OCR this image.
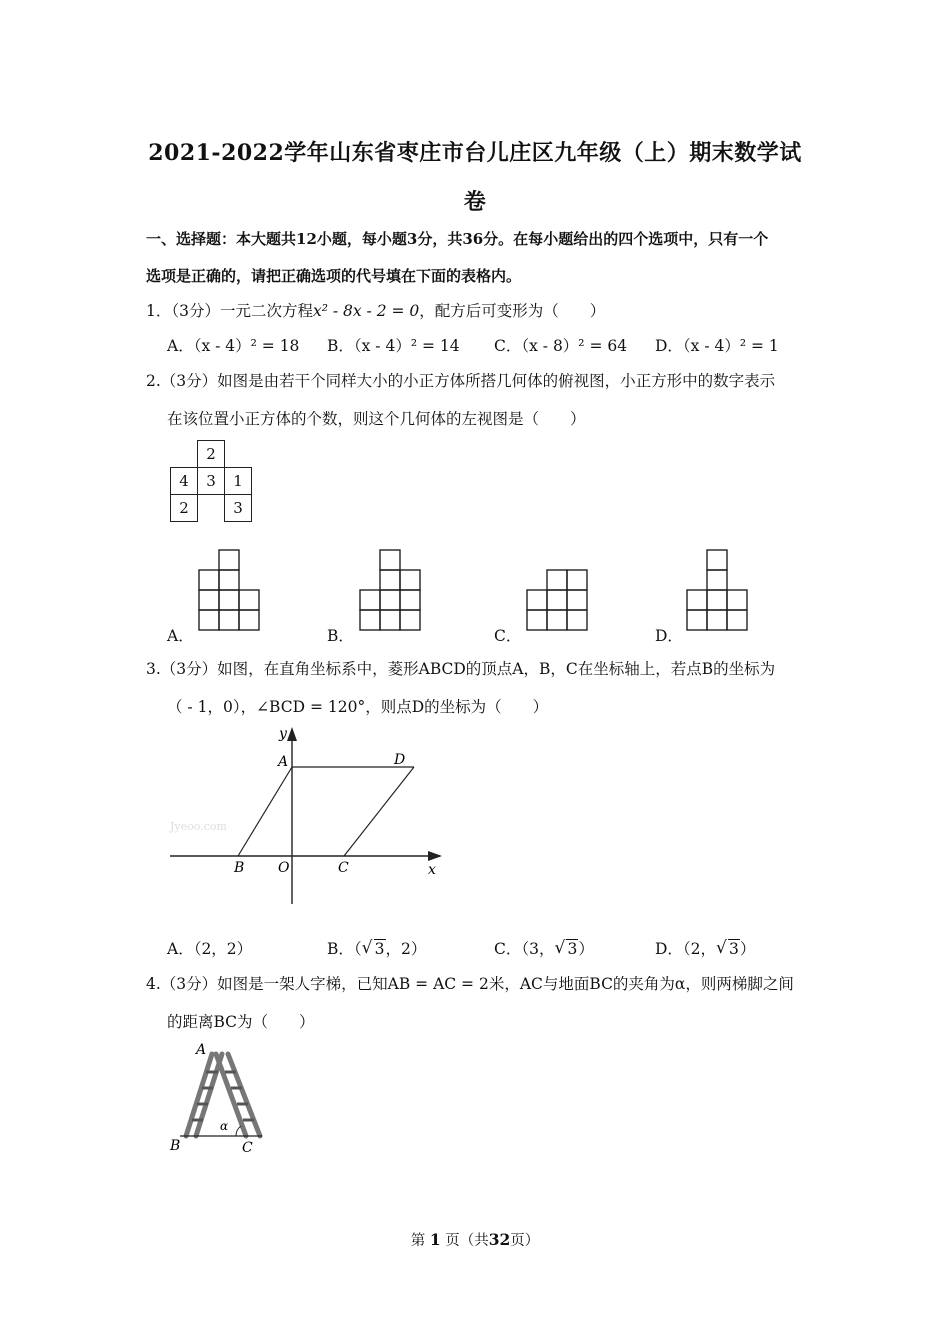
2021-2022学年山东省枣庄市台儿庄区九年级（上）期末数学试
卷
一、选择题：本大题共12小题，每小题3分，共36分。在每小题给出的四个选项中，只有一个
选项是正确的，请把正确选项的代号填在下面的表格内。
1．（3分）一元二次方程x² - 8x - 2 = 0，配方后可变形为（　　）
A．（x - 4）² = 18 B．（x - 4）² = 14 C．（x - 8）² = 64 D．（x - 4）² = 1
2.（3分）如图是由若干个同样大小的小正方体所搭几何体的俯视图，小正方形中的数字表示
在该位置小正方体的个数，则这个几何体的左视图是（　　）
	2	
4	3	1
2		3
A．	B．	C．	D．
3.（3分）如图，在直角坐标系中，菱形ABCD的顶点A，B，C在坐标轴上，若点B的坐标为
（ - 1，0），∠BCD = 120°，则点D的坐标为（　　）
Jyeoo.com
y
x
A	D
B O	C
A．（2，2）	B．（ √ 3，2）	C．（3， √ 3）	D．（2， √ 3）
4.（3分）如图是一架人字梯，已知AB = AC = 2米，AC与地面BC的夹角为α，则两梯脚之间
的距离BC为（　　）
A
B	C
α
第 1 页（共32页）
